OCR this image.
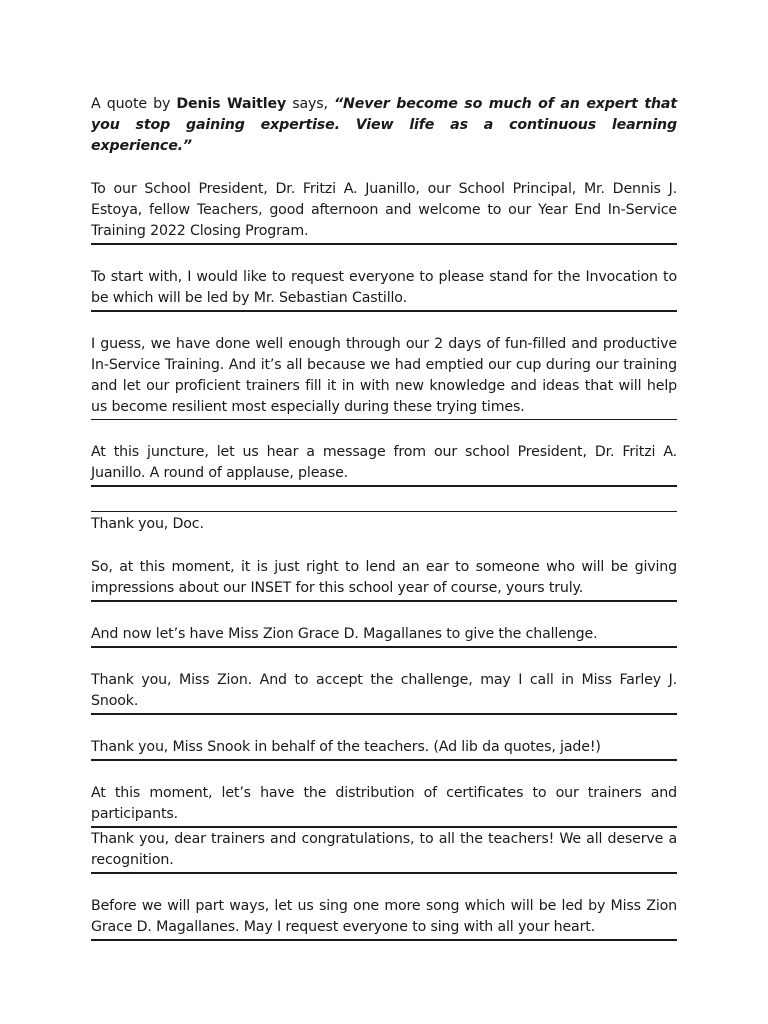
A quote by Denis Waitley says, “Never become so much of an expert that you stop gaining expertise. View life as a continuous learning experience.”

To our School President, Dr. Fritzi A. Juanillo, our School Principal, Mr. Dennis J. Estoya, fellow Teachers, good afternoon and welcome to our Year End In-Service Training 2022 Closing Program.

To start with, I would like to request everyone to please stand for the Invocation to be which will be led by Mr. Sebastian Castillo.

I guess, we have done well enough through our 2 days of fun-filled and productive In-Service Training. And it’s all because we had emptied our cup during our training and let our proficient trainers fill it in with new knowledge and ideas that will help us become resilient most especially during these trying times.

At this juncture, let us hear a message from our school President, Dr. Fritzi A. Juanillo. A round of applause, please.

Thank you, Doc.

So, at this moment, it is just right to lend an ear to someone who will be giving impressions about our INSET for this school year of course, yours truly.

And now let’s have Miss Zion Grace D. Magallanes to give the challenge.

Thank you, Miss Zion. And to accept the challenge, may I call in Miss Farley J. Snook.

Thank you, Miss Snook in behalf of the teachers. (Ad lib da quotes, jade!)

At this moment, let’s have the distribution of certificates to our trainers and participants.

Thank you, dear trainers and congratulations, to all the teachers! We all deserve a recognition.

Before we will part ways, let us sing one more song which will be led by Miss Zion Grace D. Magallanes. May I request everyone to sing with all your heart.
